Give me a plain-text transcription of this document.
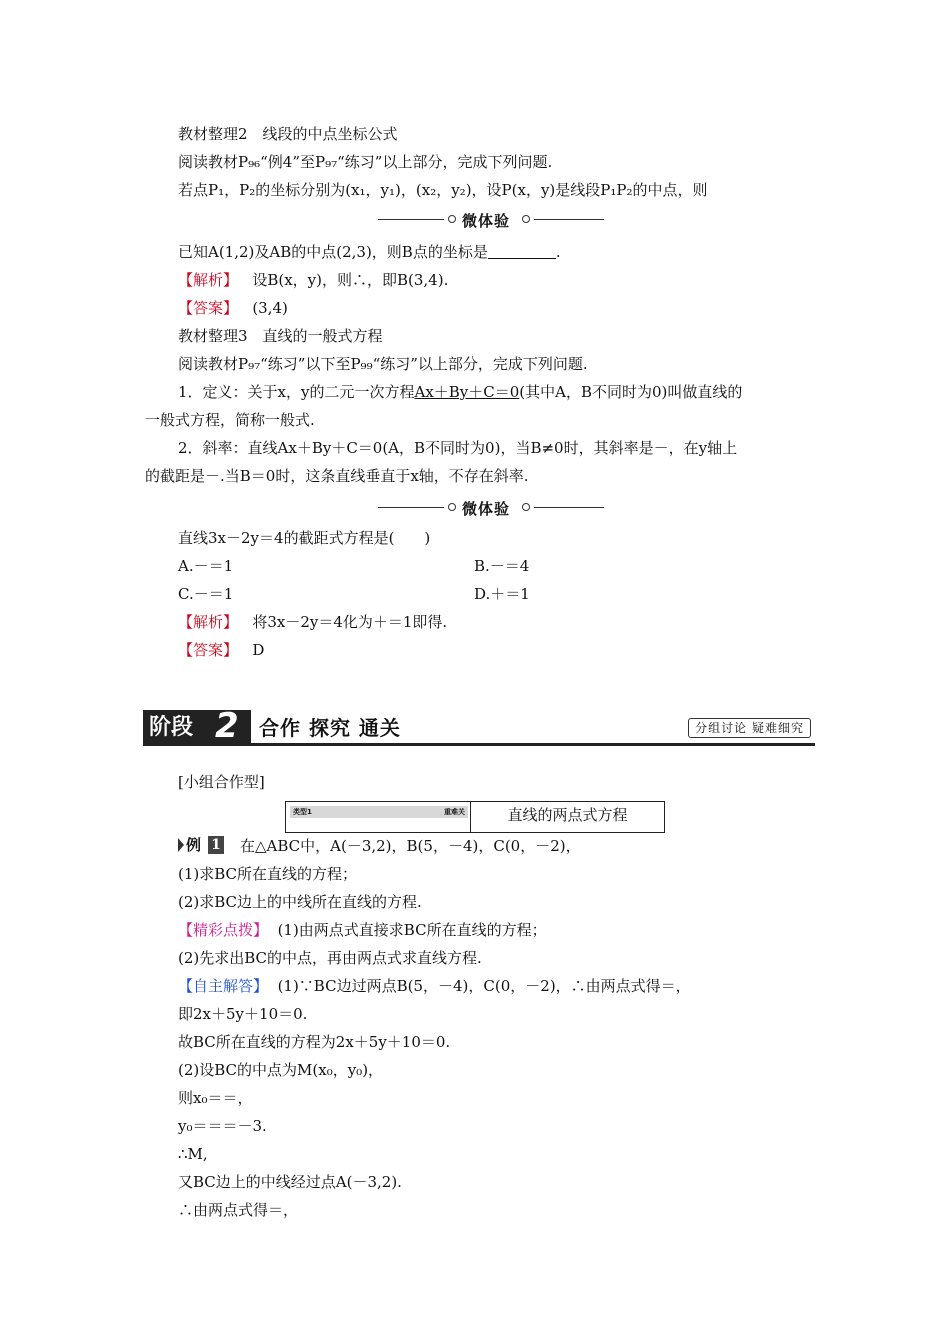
教材整理2　线段的中点坐标公式
阅读教材P₉₆“例4”至P₉₇“练习”以上部分，完成下列问题.
若点P₁，P₂的坐标分别为(x₁，y₁)，(x₂，y₂)，设P(x，y)是线段P₁P₂的中点，则
微体验
已知A(1,2)及AB的中点(2,3)，则B点的坐标是	.
【解析】 设B(x，y)，则∴，即B(3,4).
【答案】 (3,4)
教材整理3　直线的一般式方程
阅读教材P₉₇“练习”以下至P₉₉“练习”以上部分，完成下列问题.
1．定义：关于x，y的二元一次方程Ax＋By＋C＝0(其中A，B不同时为0)叫做直线的
一般式方程，简称一般式.
2．斜率：直线Ax＋By＋C＝0(A，B不同时为0)，当B≠0时，其斜率是－，在y轴上
的截距是－.当B＝0时，这条直线垂直于x轴，不存在斜率.
微体验
直线3x－2y＝4的截距式方程是(　　)
A.－＝1	B.－＝4
C.－＝1	D.＋＝1
【解析】 将3x－2y＝4化为＋＝1即得.
【答案】 D
阶段 2 合作 探究 通关	分组讨论 疑难细究
[小组合作型]
类型1	重难关	直线的两点式方程
例 1 在△ABC中，A(－3,2)，B(5，－4)，C(0，－2)，
(1)求BC所在直线的方程；
(2)求BC边上的中线所在直线的方程.
【精彩点拨】 (1)由两点式直接求BC所在直线的方程；
(2)先求出BC的中点，再由两点式求直线方程.
【自主解答】 (1)∵BC边过两点B(5，－4)，C(0，－2)，∴由两点式得＝，
即2x＋5y＋10＝0.
故BC所在直线的方程为2x＋5y＋10＝0.
(2)设BC的中点为M(x₀，y₀)，
则x₀＝＝，
y₀＝＝＝－3.
∴M,
又BC边上的中线经过点A(－3,2).
∴由两点式得＝，
